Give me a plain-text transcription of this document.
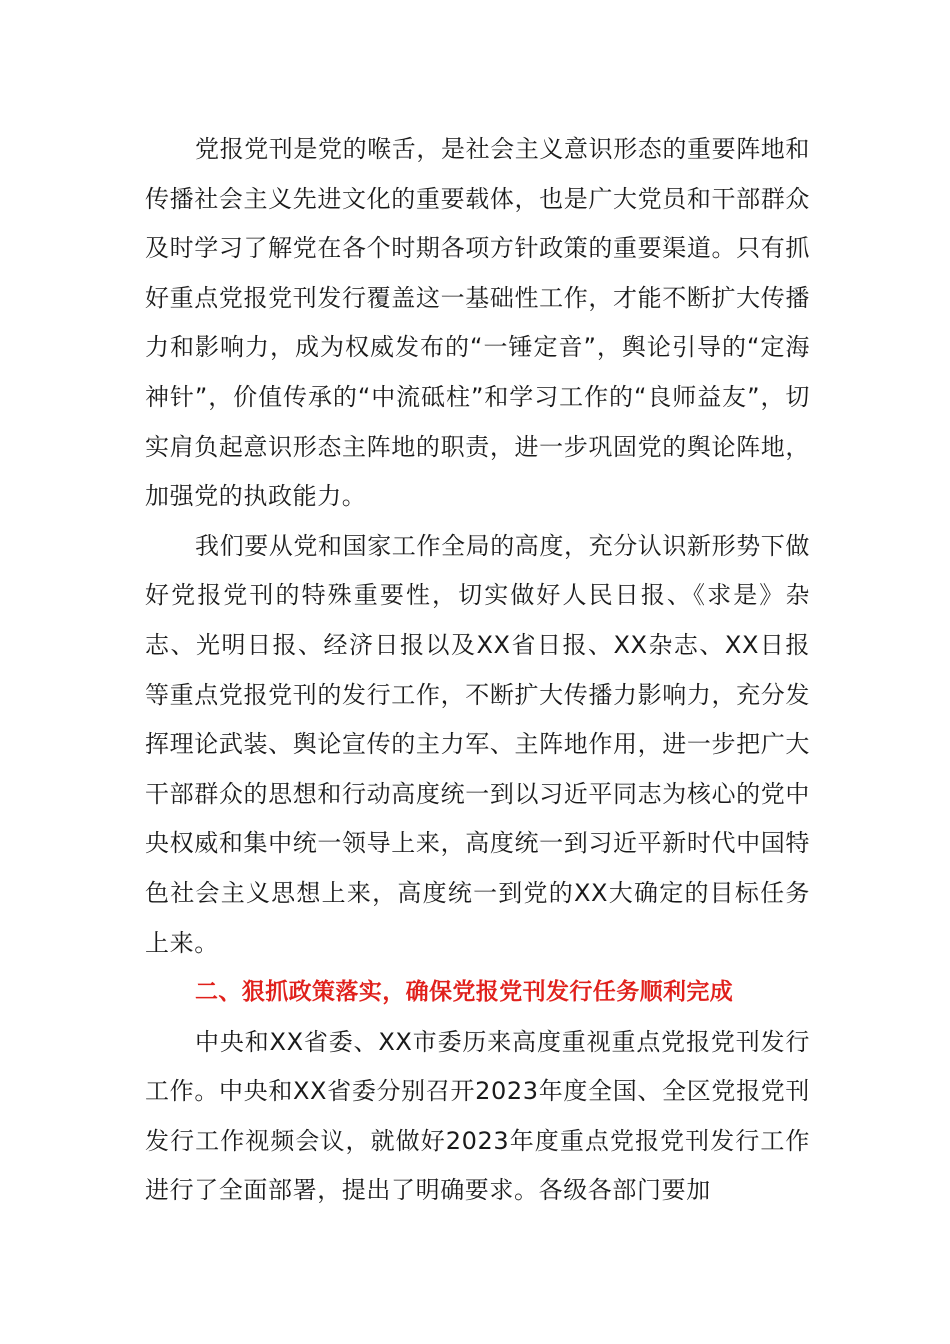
党报党刊是党的喉舌，是社会主义意识形态的重要阵地和传播社会主义先进文化的重要载体，也是广大党员和干部群众及时学习了解党在各个时期各项方针政策的重要渠道。只有抓好重点党报党刊发行覆盖这一基础性工作，才能不断扩大传播力和影响力，成为权威发布的“一锤定音”，舆论引导的“定海神针”，价值传承的“中流砥柱”和学习工作的“良师益友”，切实肩负起意识形态主阵地的职责，进一步巩固党的舆论阵地，加强党的执政能力。

我们要从党和国家工作全局的高度，充分认识新形势下做好党报党刊的特殊重要性，切实做好人民日报、《求是》杂志、光明日报、经济日报以及XX省日报、XX杂志、XX日报等重点党报党刊的发行工作，不断扩大传播力影响力，充分发挥理论武装、舆论宣传的主力军、主阵地作用，进一步把广大干部群众的思想和行动高度统一到以习近平同志为核心的党中央权威和集中统一领导上来，高度统一到习近平新时代中国特色社会主义思想上来，高度统一到党的XX大确定的目标任务上来。

二、狠抓政策落实，确保党报党刊发行任务顺利完成

中央和XX省委、XX市委历来高度重视重点党报党刊发行工作。中央和XX省委分别召开2023年度全国、全区党报党刊发行工作视频会议，就做好2023年度重点党报党刊发行工作进行了全面部署，提出了明确要求。各级各部门要加
